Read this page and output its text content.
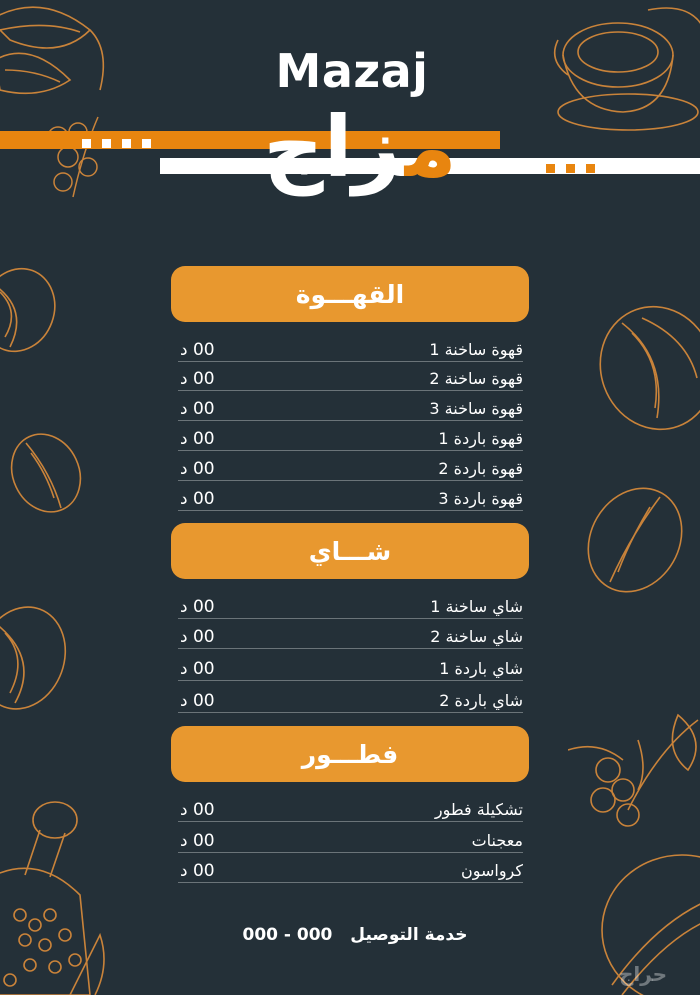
Mazaj
مزاج
القهـــوة
00 د	قهوة ساخنة 1
00 د	قهوة ساخنة 2
00 د	قهوة ساخنة 3
00 د	قهوة باردة 1
00 د	قهوة باردة 2
00 د	قهوة باردة 3
شـــاي
00 د	شاي ساخنة 1
00 د	شاي ساخنة 2
00 د	شاي باردة 1
00 د	شاي باردة 2
فطـــور
00 د	تشكيلة فطور
00 د	معجنات
00 د	كرواسون
خدمة التوصيل 000 - 000
حراج
